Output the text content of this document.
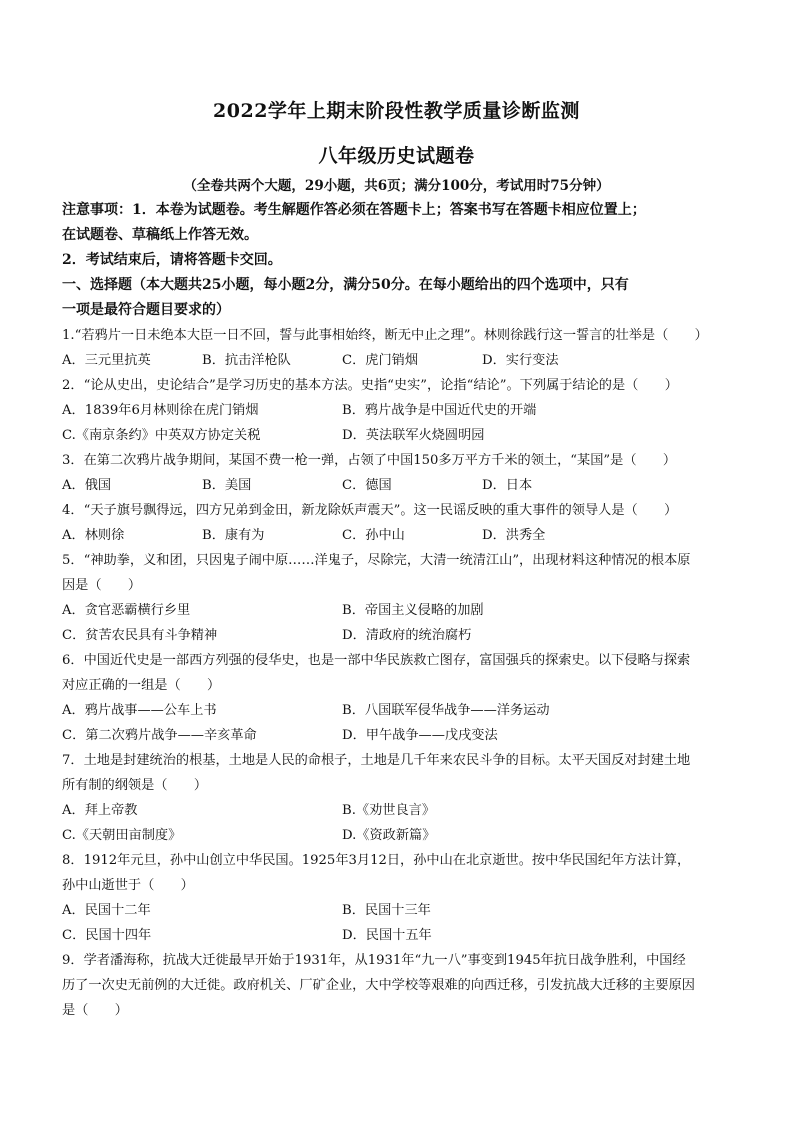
2022学年上期末阶段性教学质量诊断监测
八年级历史试题卷
（全卷共两个大题，29小题，共6页；满分100分，考试用时75分钟）
注意事项：1．本卷为试题卷。考生解题作答必须在答题卡上；答案书写在答题卡相应位置上；
在试题卷、草稿纸上作答无效。
2．考试结束后，请将答题卡交回。
一、选择题（本大题共25小题，每小题2分，满分50分。在每小题给出的四个选项中，只有
一项是最符合题目要求的）
1.“若鸦片一日未绝本大臣一日不回，誓与此事相始终，断无中止之理”。林则徐践行这一誓言的壮举是（　　）
A．三元里抗英	B．抗击洋枪队	C．虎门销烟	D．实行变法
2．“论从史出，史论结合”是学习历史的基本方法。史指“史实”，论指“结论”。下列属于结论的是（　　）
A．1839年6月林则徐在虎门销烟	B．鸦片战争是中国近代史的开端
C.《南京条约》中英双方协定关税	D．英法联军火烧圆明园
3．在第二次鸦片战争期间，某国不费一枪一弹，占领了中国150多万平方千米的领土，“某国”是（　　）
A．俄国	B．美国	C．德国	D．日本
4．“天子旗号飘得远，四方兄弟到金田，新龙除妖声震天”。这一民谣反映的重大事件的领导人是（　　）
A．林则徐	B．康有为	C．孙中山	D．洪秀全
5．“神助拳，义和团，只因鬼子闹中原……洋鬼子，尽除完，大清一统清江山”，出现材料这种情况的根本原
因是（　　）
A．贪官恶霸横行乡里	B．帝国主义侵略的加剧
C．贫苦农民具有斗争精神	D．清政府的统治腐朽
6．中国近代史是一部西方列强的侵华史，也是一部中华民族救亡图存，富国强兵的探索史。以下侵略与探索
对应正确的一组是（　　）
A．鸦片战事——公车上书	B．八国联军侵华战争——洋务运动
C．第二次鸦片战争——辛亥革命	D．甲午战争——戊戌变法
7．土地是封建统治的根基，土地是人民的命根子，土地是几千年来农民斗争的目标。太平天国反对封建土地
所有制的纲领是（　　）
A．拜上帝教	B.《劝世良言》
C.《天朝田亩制度》	D.《资政新篇》
8．1912年元旦，孙中山创立中华民国。1925年3月12日，孙中山在北京逝世。按中华民国纪年方法计算，
孙中山逝世于（　　）
A．民国十二年	B．民国十三年
C．民国十四年	D．民国十五年
9．学者潘海称，抗战大迁徙最早开始于1931年，从1931年“九一八”事变到1945年抗日战争胜利，中国经
历了一次史无前例的大迁徙。政府机关、厂矿企业，大中学校等艰难的向西迁移，引发抗战大迁移的主要原因
是（　　）
